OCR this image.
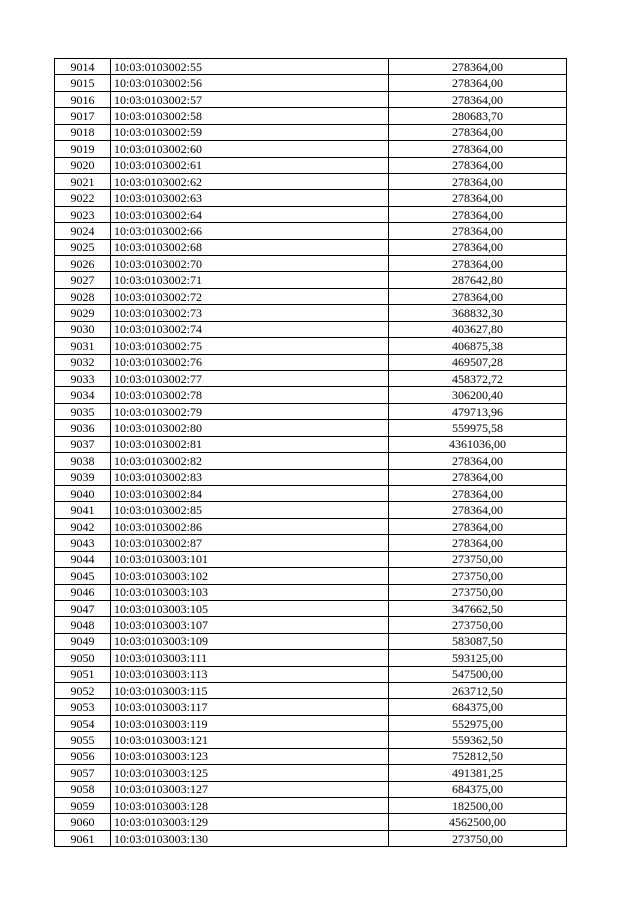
9014	10:03:0103002:55	278364,00
9015	10:03:0103002:56	278364,00
9016	10:03:0103002:57	278364,00
9017	10:03:0103002:58	280683,70
9018	10:03:0103002:59	278364,00
9019	10:03:0103002:60	278364,00
9020	10:03:0103002:61	278364,00
9021	10:03:0103002:62	278364,00
9022	10:03:0103002:63	278364,00
9023	10:03:0103002:64	278364,00
9024	10:03:0103002:66	278364,00
9025	10:03:0103002:68	278364,00
9026	10:03:0103002:70	278364,00
9027	10:03:0103002:71	287642,80
9028	10:03:0103002:72	278364,00
9029	10:03:0103002:73	368832,30
9030	10:03:0103002:74	403627,80
9031	10:03:0103002:75	406875,38
9032	10:03:0103002:76	469507,28
9033	10:03:0103002:77	458372,72
9034	10:03:0103002:78	306200,40
9035	10:03:0103002:79	479713,96
9036	10:03:0103002:80	559975,58
9037	10:03:0103002:81	4361036,00
9038	10:03:0103002:82	278364,00
9039	10:03:0103002:83	278364,00
9040	10:03:0103002:84	278364,00
9041	10:03:0103002:85	278364,00
9042	10:03:0103002:86	278364,00
9043	10:03:0103002:87	278364,00
9044	10:03:0103003:101	273750,00
9045	10:03:0103003:102	273750,00
9046	10:03:0103003:103	273750,00
9047	10:03:0103003:105	347662,50
9048	10:03:0103003:107	273750,00
9049	10:03:0103003:109	583087,50
9050	10:03:0103003:111	593125,00
9051	10:03:0103003:113	547500,00
9052	10:03:0103003:115	263712,50
9053	10:03:0103003:117	684375,00
9054	10:03:0103003:119	552975,00
9055	10:03:0103003:121	559362,50
9056	10:03:0103003:123	752812,50
9057	10:03:0103003:125	491381,25
9058	10:03:0103003:127	684375,00
9059	10:03:0103003:128	182500,00
9060	10:03:0103003:129	4562500,00
9061	10:03:0103003:130	273750,00
